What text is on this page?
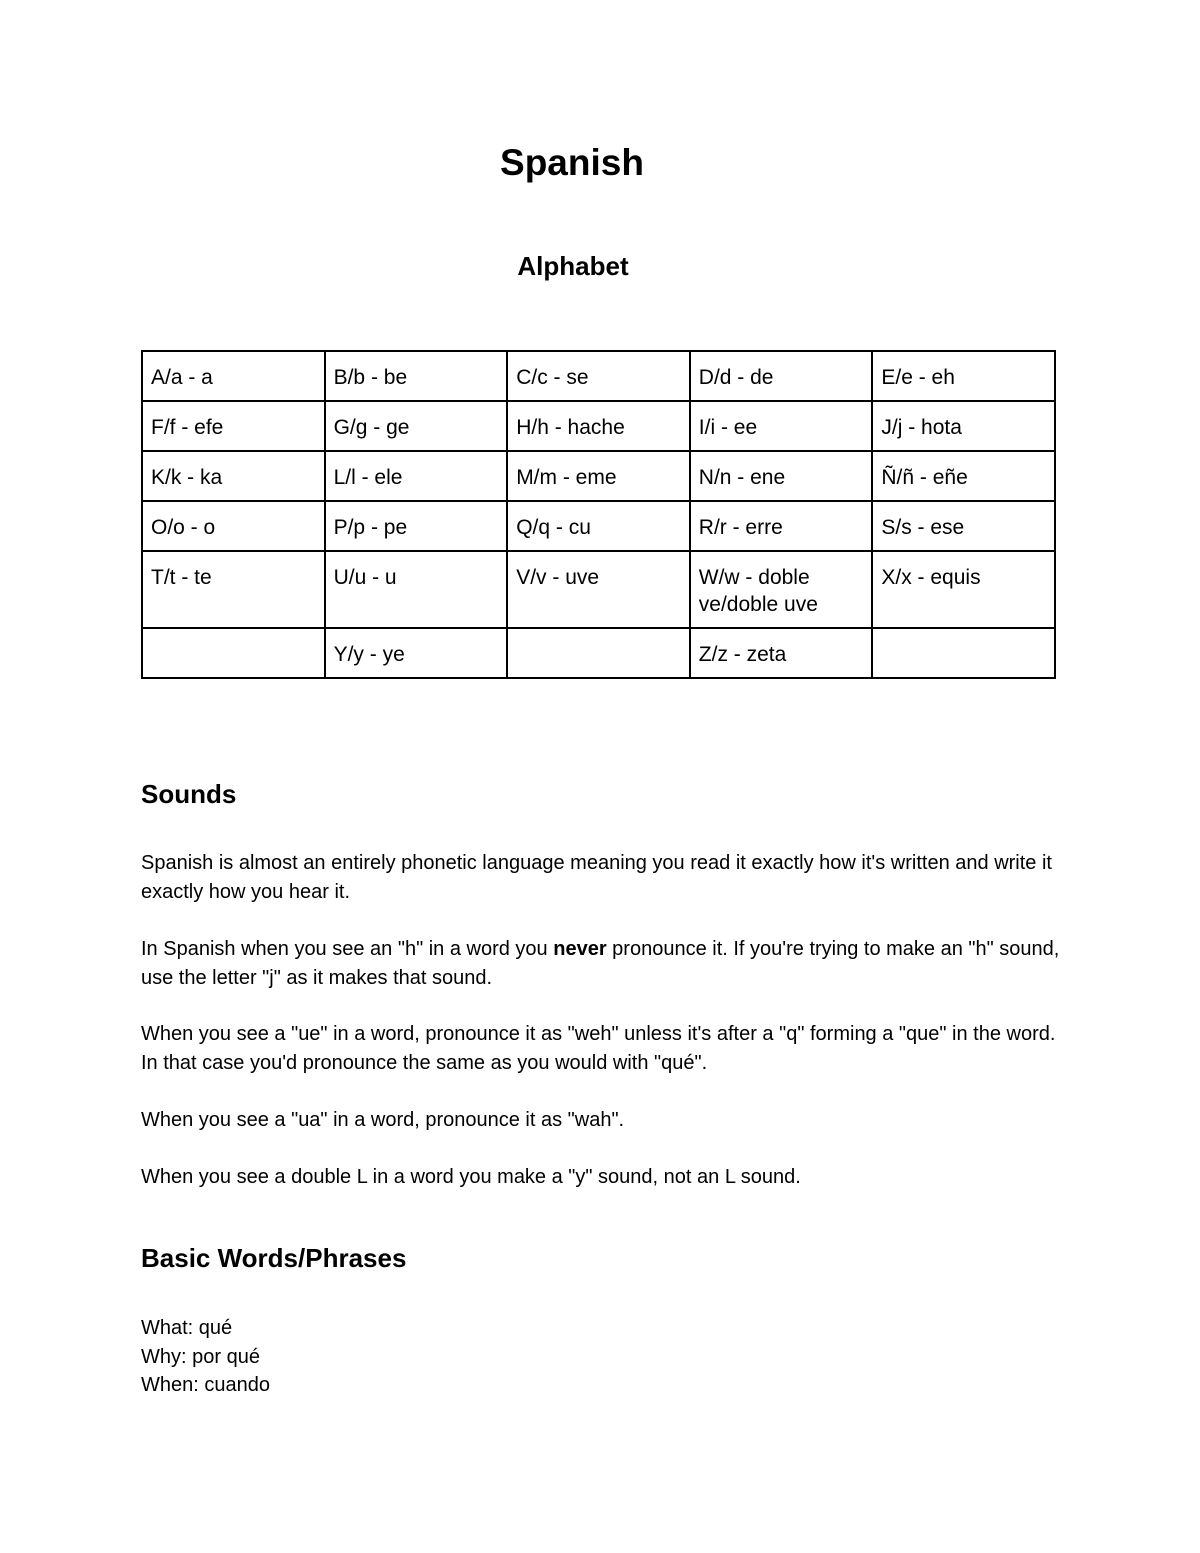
Spanish
Alphabet
A/a - a	B/b - be	C/c - se	D/d - de	E/e - eh
F/f - efe	G/g - ge	H/h - hache	I/i - ee	J/j - hota
K/k - ka	L/l - ele	M/m - eme	N/n - ene	Ñ/ñ - eñe
O/o - o	P/p - pe	Q/q - cu	R/r - erre	S/s - ese
T/t - te	U/u - u	V/v - uve	W/w - doble ve/doble uve	X/x - equis
	Y/y - ye		Z/z - zeta	
Sounds
Spanish is almost an entirely phonetic language meaning you read it exactly how it's written and write it exactly how you hear it.
In Spanish when you see an "h" in a word you never pronounce it. If you're trying to make an "h" sound, use the letter "j" as it makes that sound.
When you see a "ue" in a word, pronounce it as "weh" unless it's after a "q" forming a "que" in the word. In that case you'd pronounce the same as you would with "qué".
When you see a "ua" in a word, pronounce it as "wah".
When you see a double L in a word you make a "y" sound, not an L sound.
Basic Words/Phrases
What: qué
Why: por qué
When: cuando
